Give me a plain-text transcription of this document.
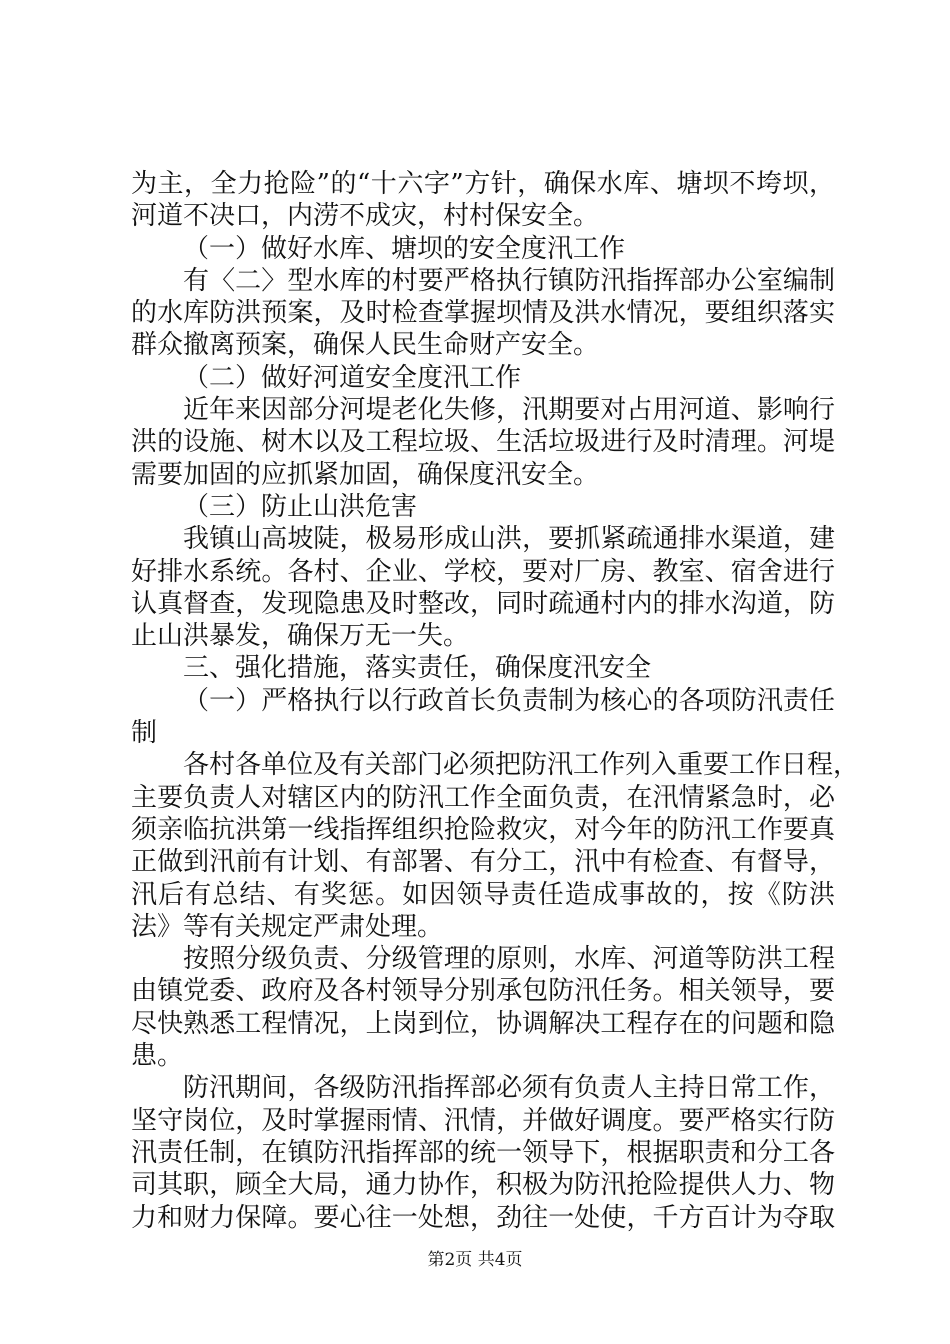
为主，全力抢险”的“十六字”方针，确保水库、塘坝不垮坝，
河道不决口，内涝不成灾，村村保安全。
（一）做好水库、塘坝的安全度汛工作
有〈二〉型水库的村要严格执行镇防汛指挥部办公室编制
的水库防洪预案，及时检查掌握坝情及洪水情况，要组织落实
群众撤离预案，确保人民生命财产安全。
（二）做好河道安全度汛工作
近年来因部分河堤老化失修，汛期要对占用河道、影响行
洪的设施、树木以及工程垃圾、生活垃圾进行及时清理。河堤
需要加固的应抓紧加固，确保度汛安全。
（三）防止山洪危害
我镇山高坡陡，极易形成山洪，要抓紧疏通排水渠道，建
好排水系统。各村、企业、学校，要对厂房、教室、宿舍进行
认真督查，发现隐患及时整改，同时疏通村内的排水沟道，防
止山洪暴发，确保万无一失。
三、强化措施，落实责任，确保度汛安全
（一）严格执行以行政首长负责制为核心的各项防汛责任
制
各村各单位及有关部门必须把防汛工作列入重要工作日程，
主要负责人对辖区内的防汛工作全面负责，在汛情紧急时，必
须亲临抗洪第一线指挥组织抢险救灾，对今年的防汛工作要真
正做到汛前有计划、有部署、有分工，汛中有检查、有督导，
汛后有总结、有奖惩。如因领导责任造成事故的，按《防洪
法》等有关规定严肃处理。
按照分级负责、分级管理的原则，水库、河道等防洪工程
由镇党委、政府及各村领导分别承包防汛任务。相关领导，要
尽快熟悉工程情况，上岗到位，协调解决工程存在的问题和隐
患。
防汛期间，各级防汛指挥部必须有负责人主持日常工作，
坚守岗位，及时掌握雨情、汛情，并做好调度。要严格实行防
汛责任制，在镇防汛指挥部的统一领导下，根据职责和分工各
司其职，顾全大局，通力协作，积极为防汛抢险提供人力、物
力和财力保障。要心往一处想，劲往一处使，千方百计为夺取
第2页 共4页
